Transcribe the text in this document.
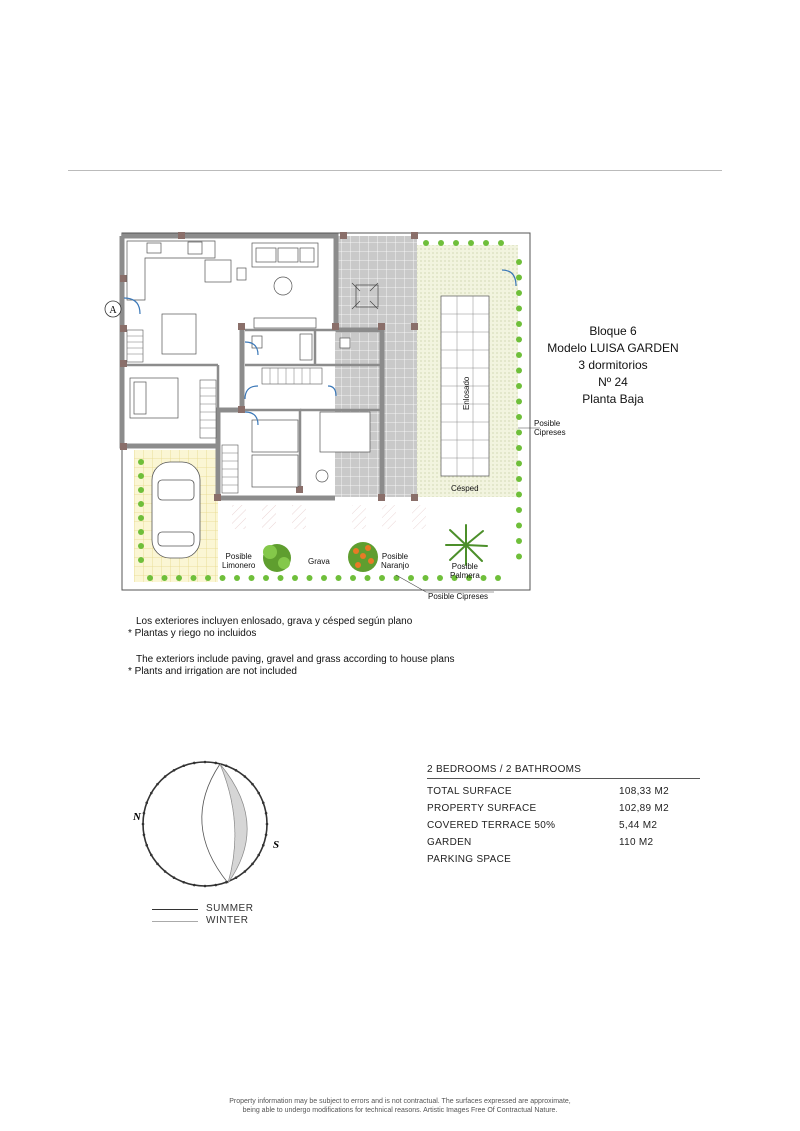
A
Enlosado
Césped
Grava
Posible
Cipreses
Posible
Limonero
Posible
Naranjo	Posible
Palmera
Posible Cipreses
Bloque 6
Modelo LUISA GARDEN
3 dormitorios
Nº 24
Planta Baja
Los exteriores incluyen enlosado, grava y césped según plano
* Plantas y riego no incluidos
The exteriors include paving, gravel and grass according to house plans
* Plants and irrigation are not included
N
S
SUMMER
WINTER
2 BEDROOMS / 2 BATHROOMS
TOTAL SURFACE	108,33 M2
PROPERTY SURFACE	102,89 M2
COVERED TERRACE 50%	5,44 M2
GARDEN	110 M2
PARKING SPACE
Property information may be subject to errors and is not contractual. The surfaces expressed are approximate,
being able to undergo modifications for technical reasons. Artistic Images Free Of Contractual Nature.
